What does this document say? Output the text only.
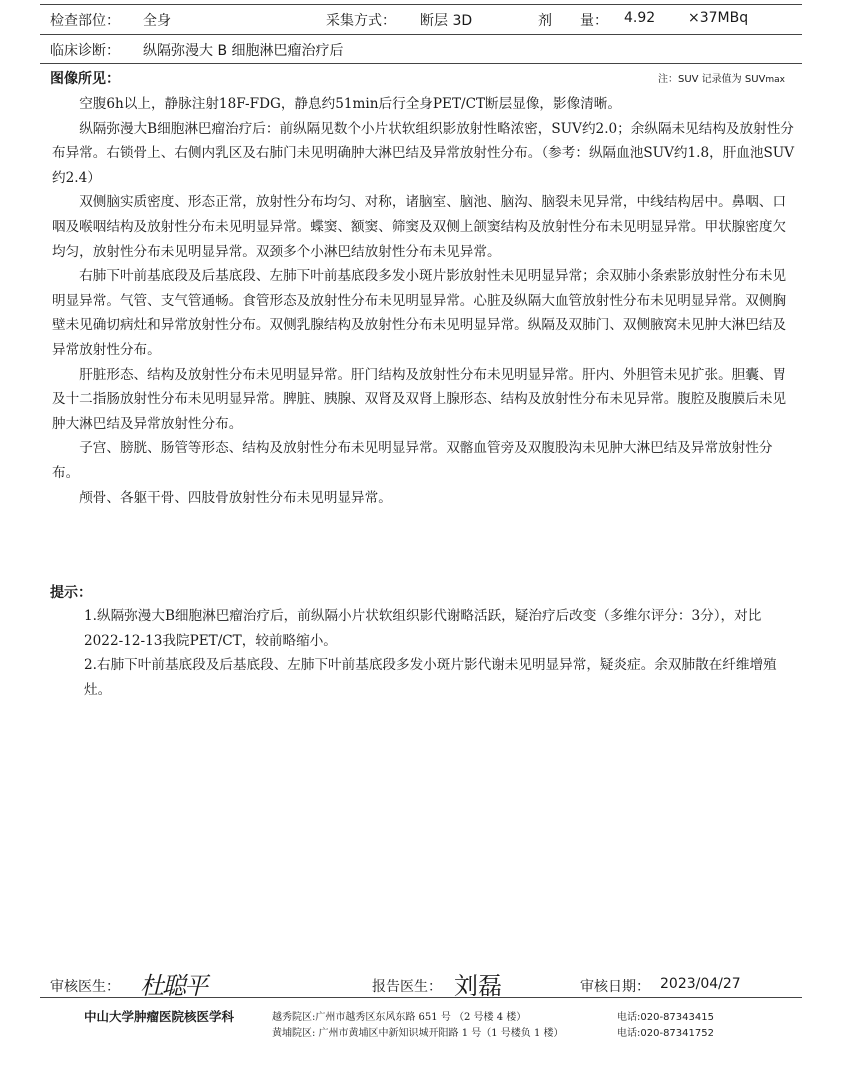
检查部位： 全身	采集方式： 断层 3D	剂　　量： 4.92 ×37MBq
临床诊断： 纵隔弥漫大 B 细胞淋巴瘤治疗后
图像所见：	注：SUV 记录值为 SUVmax

空腹6h以上，静脉注射18F-FDG，静息约51min后行全身PET/CT断层显像，影像清晰。

纵隔弥漫大B细胞淋巴瘤治疗后：前纵隔见数个小片状软组织影放射性略浓密，SUV约2.0；余纵隔未见结构及放射性分布异常。右锁骨上、右侧内乳区及右肺门未见明确肿大淋巴结及异常放射性分布。（参考：纵隔血池SUV约1.8，肝血池SUV约2.4）

双侧脑实质密度、形态正常，放射性分布均匀、对称，诸脑室、脑池、脑沟、脑裂未见异常，中线结构居中。鼻咽、口咽及喉咽结构及放射性分布未见明显异常。蝶窦、额窦、筛窦及双侧上颌窦结构及放射性分布未见明显异常。甲状腺密度欠均匀，放射性分布未见明显异常。双颈多个小淋巴结放射性分布未见异常。

右肺下叶前基底段及后基底段、左肺下叶前基底段多发小斑片影放射性未见明显异常；余双肺小条索影放射性分布未见明显异常。气管、支气管通畅。食管形态及放射性分布未见明显异常。心脏及纵隔大血管放射性分布未见明显异常。双侧胸壁未见确切病灶和异常放射性分布。双侧乳腺结构及放射性分布未见明显异常。纵隔及双肺门、双侧腋窝未见肿大淋巴结及异常放射性分布。

肝脏形态、结构及放射性分布未见明显异常。肝门结构及放射性分布未见明显异常。肝内、外胆管未见扩张。胆囊、胃及十二指肠放射性分布未见明显异常。脾脏、胰腺、双肾及双肾上腺形态、结构及放射性分布未见异常。腹腔及腹膜后未见肿大淋巴结及异常放射性分布。

子宫、膀胱、肠管等形态、结构及放射性分布未见明显异常。双髂血管旁及双腹股沟未见肿大淋巴结及异常放射性分布。

颅骨、各躯干骨、四肢骨放射性分布未见明显异常。

提示：

1.纵隔弥漫大B细胞淋巴瘤治疗后，前纵隔小片状软组织影代谢略活跃，疑治疗后改变（多维尔评分：3分），对比2022-12-13我院PET/CT，较前略缩小。

2.右肺下叶前基底段及后基底段、左肺下叶前基底段多发小斑片影代谢未见明显异常，疑炎症。余双肺散在纤维增殖灶。

审核医生： 杜聪平	报告医生： 刘磊	审核日期： 2023/04/27
中山大学肿瘤医院核医学科	越秀院区:广州市越秀区东风东路 651 号 （2 号楼 4 楼）	电话:020-87343415
黄埔院区: 广州市黄埔区中新知识城开阳路 1 号（1 号楼负 1 楼）	电话:020-87341752
